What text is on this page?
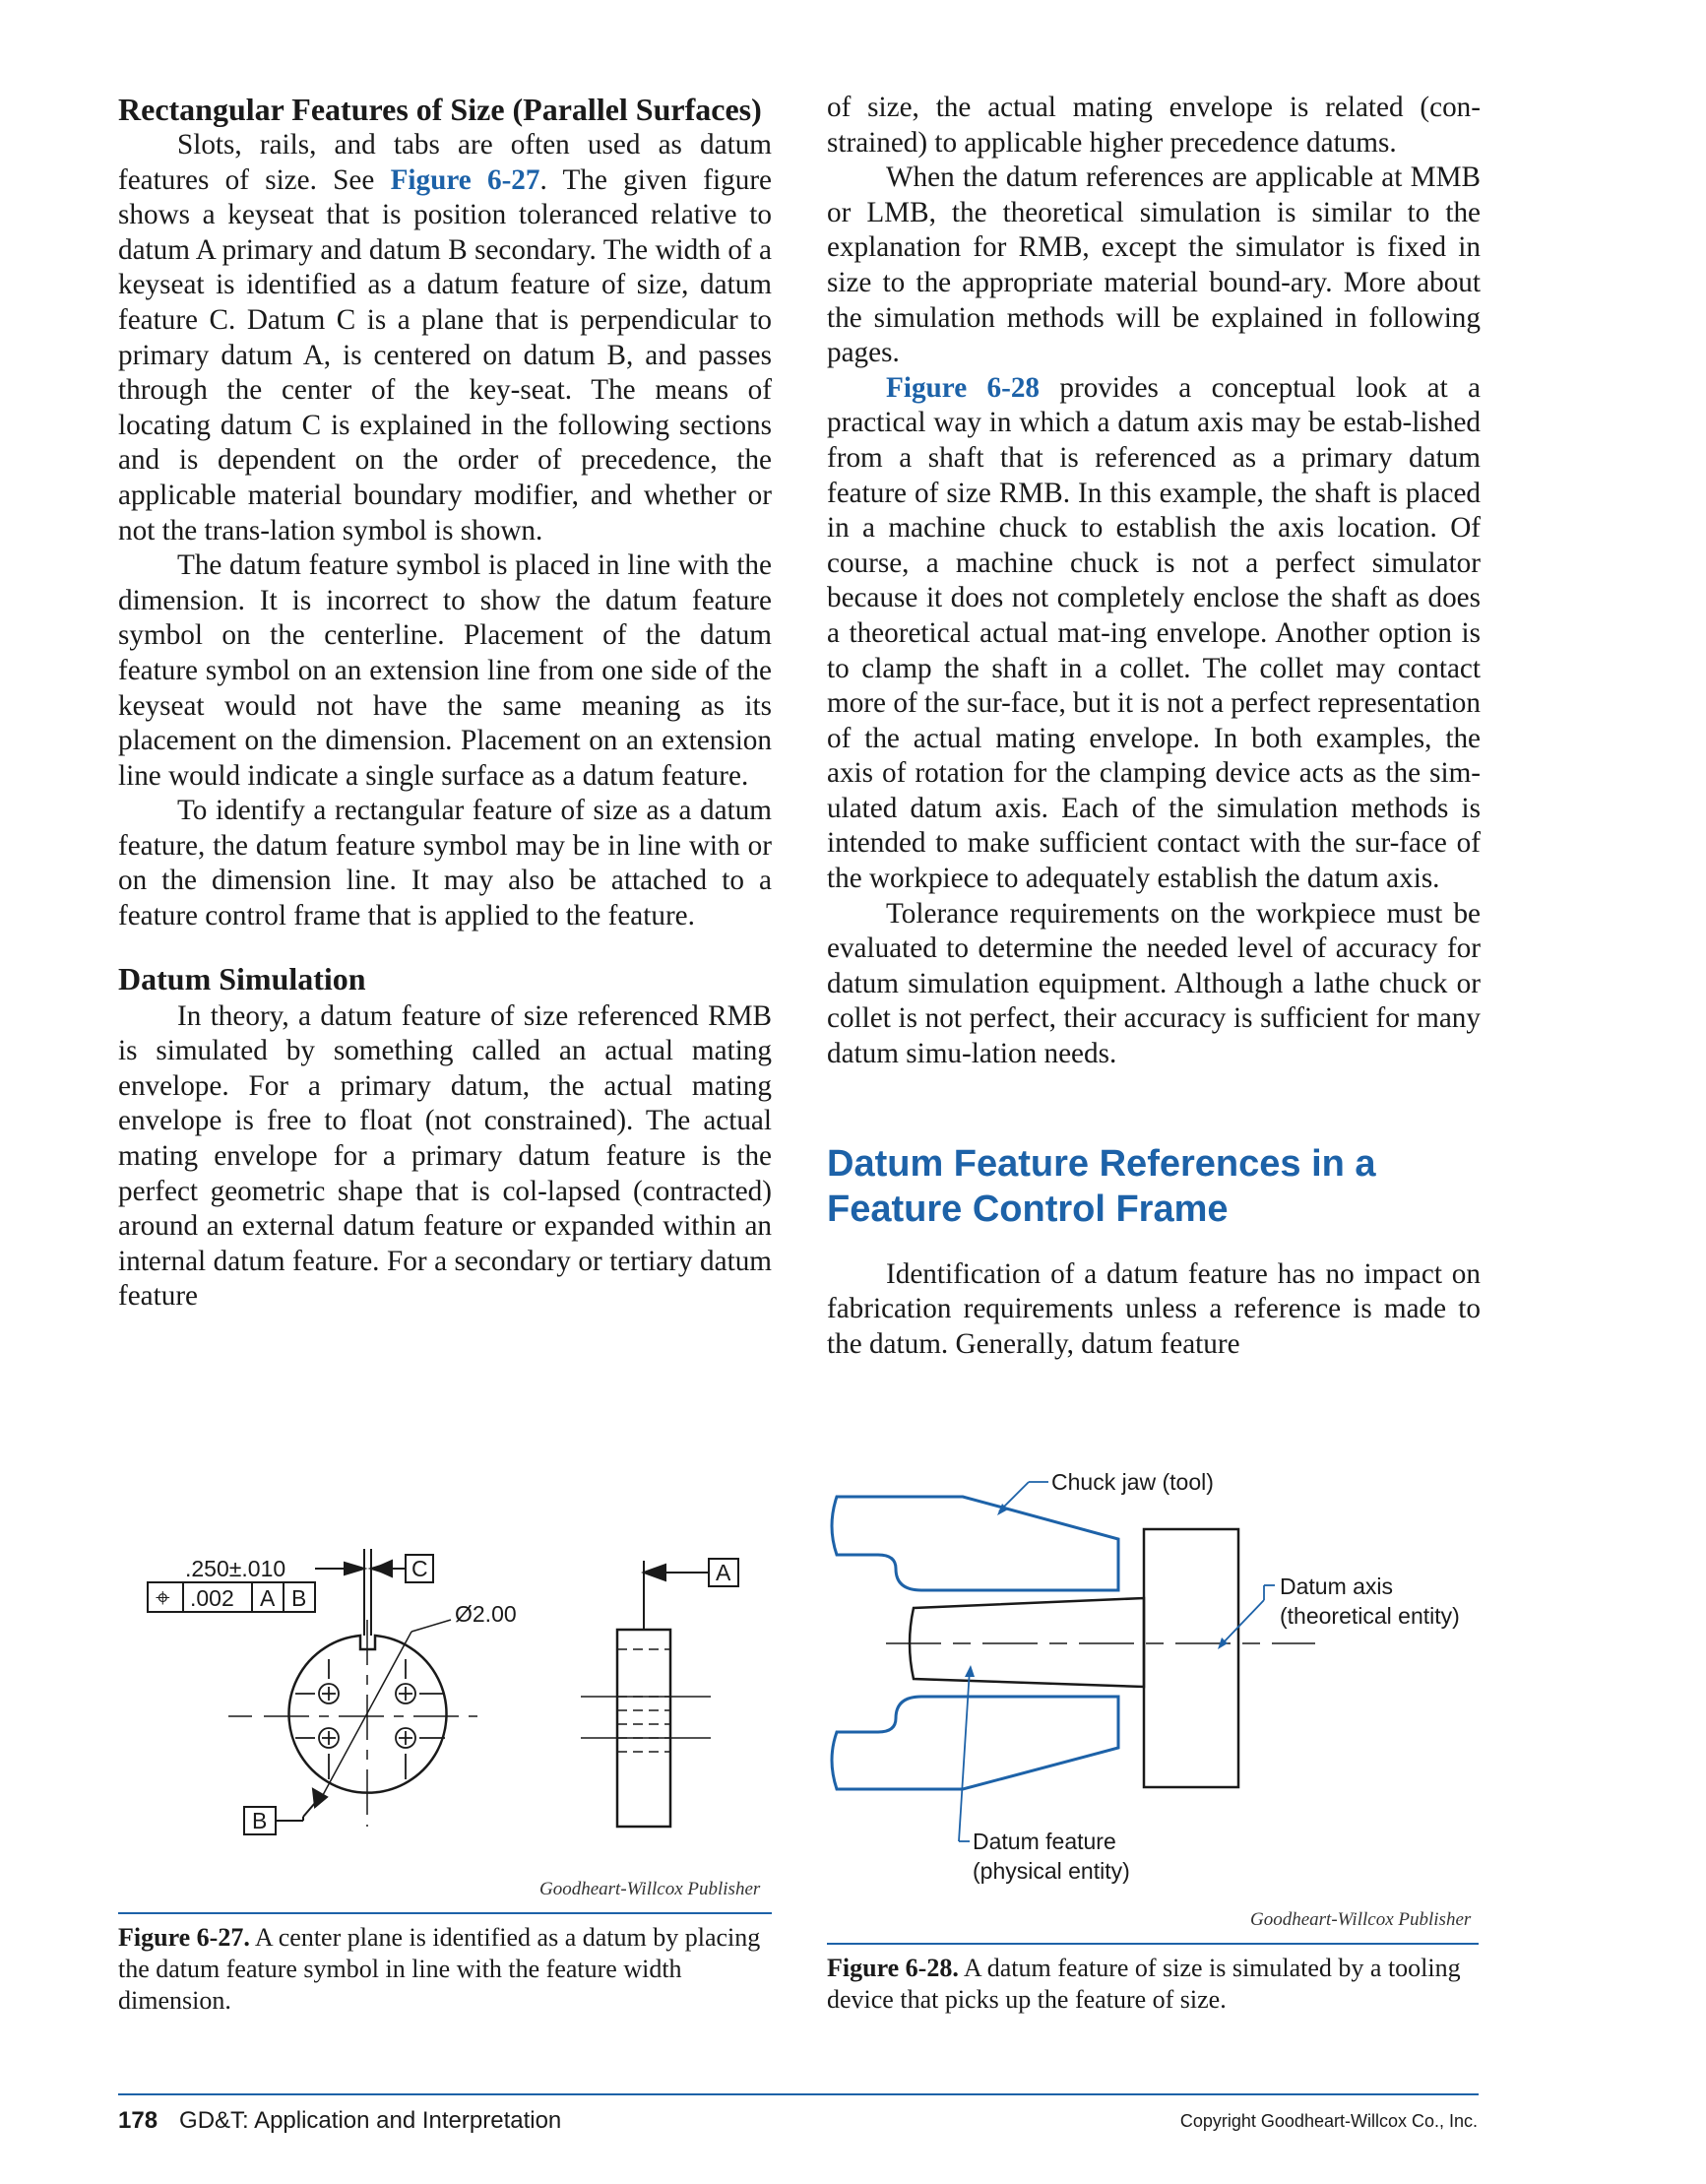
Rectangular Features of Size (Parallel Surfaces)

Slots, rails, and tabs are often used as datum features of size. See Figure 6-27. The given figure shows a keyseat that is position toleranced relative to datum A primary and datum B secondary. The width of a keyseat is identified as a datum feature of size, datum feature C. Datum C is a plane that is perpendicular to primary datum A, is centered on datum B, and passes through the center of the key-seat. The means of locating datum C is explained in the following sections and is dependent on the order of precedence, the applicable material boundary modifier, and whether or not the trans-lation symbol is shown.

The datum feature symbol is placed in line with the dimension. It is incorrect to show the datum feature symbol on the centerline. Placement of the datum feature symbol on an extension line from one side of the keyseat would not have the same meaning as its placement on the dimension. Placement on an extension line would indicate a single surface as a datum feature.

To identify a rectangular feature of size as a datum feature, the datum feature symbol may be in line with or on the dimension line. It may also be attached to a feature control frame that is applied to the feature.

Datum Simulation

In theory, a datum feature of size referenced RMB is simulated by something called an actual mating envelope. For a primary datum, the actual mating envelope is free to float (not constrained). The actual mating envelope for a primary datum feature is the perfect geometric shape that is col-lapsed (contracted) around an external datum feature or expanded within an internal datum feature. For a secondary or tertiary datum feature

of size, the actual mating envelope is related (con-strained) to applicable higher precedence datums.

When the datum references are applicable at MMB or LMB, the theoretical simulation is similar to the explanation for RMB, except the simulator is fixed in size to the appropriate material bound-ary. More about the simulation methods will be explained in following pages.

Figure 6-28 provides a conceptual look at a practical way in which a datum axis may be estab-lished from a shaft that is referenced as a primary datum feature of size RMB. In this example, the shaft is placed in a machine chuck to establish the axis location. Of course, a machine chuck is not a perfect simulator because it does not completely enclose the shaft as does a theoretical actual mat-ing envelope. Another option is to clamp the shaft in a collet. The collet may contact more of the sur-face, but it is not a perfect representation of the actual mating envelope. In both examples, the axis of rotation for the clamping device acts as the sim-ulated datum axis. Each of the simulation methods is intended to make sufficient contact with the sur-face of the workpiece to adequately establish the datum axis.

Tolerance requirements on the workpiece must be evaluated to determine the needed level of accuracy for datum simulation equipment. Although a lathe chuck or collet is not perfect, their accuracy is sufficient for many datum simu-lation needs.

Datum Feature References in a Feature Control Frame

Identification of a datum feature has no impact on fabrication requirements unless a reference is made to the datum. Generally, datum feature

.250±.010
⌖ .002 A B
C	A
B
Ø2.00
Goodheart-Willcox Publisher
Figure 6-27. A center plane is identified as a datum by placing the datum feature symbol in line with the feature width dimension.
Chuck jaw (tool)
Datum axis
(theoretical entity)
Datum feature
(physical entity)
Goodheart-Willcox Publisher
Figure 6-28. A datum feature of size is simulated by a tooling device that picks up the feature of size.
178 GD&T: Application and Interpretation	Copyright Goodheart-Willcox Co., Inc.
